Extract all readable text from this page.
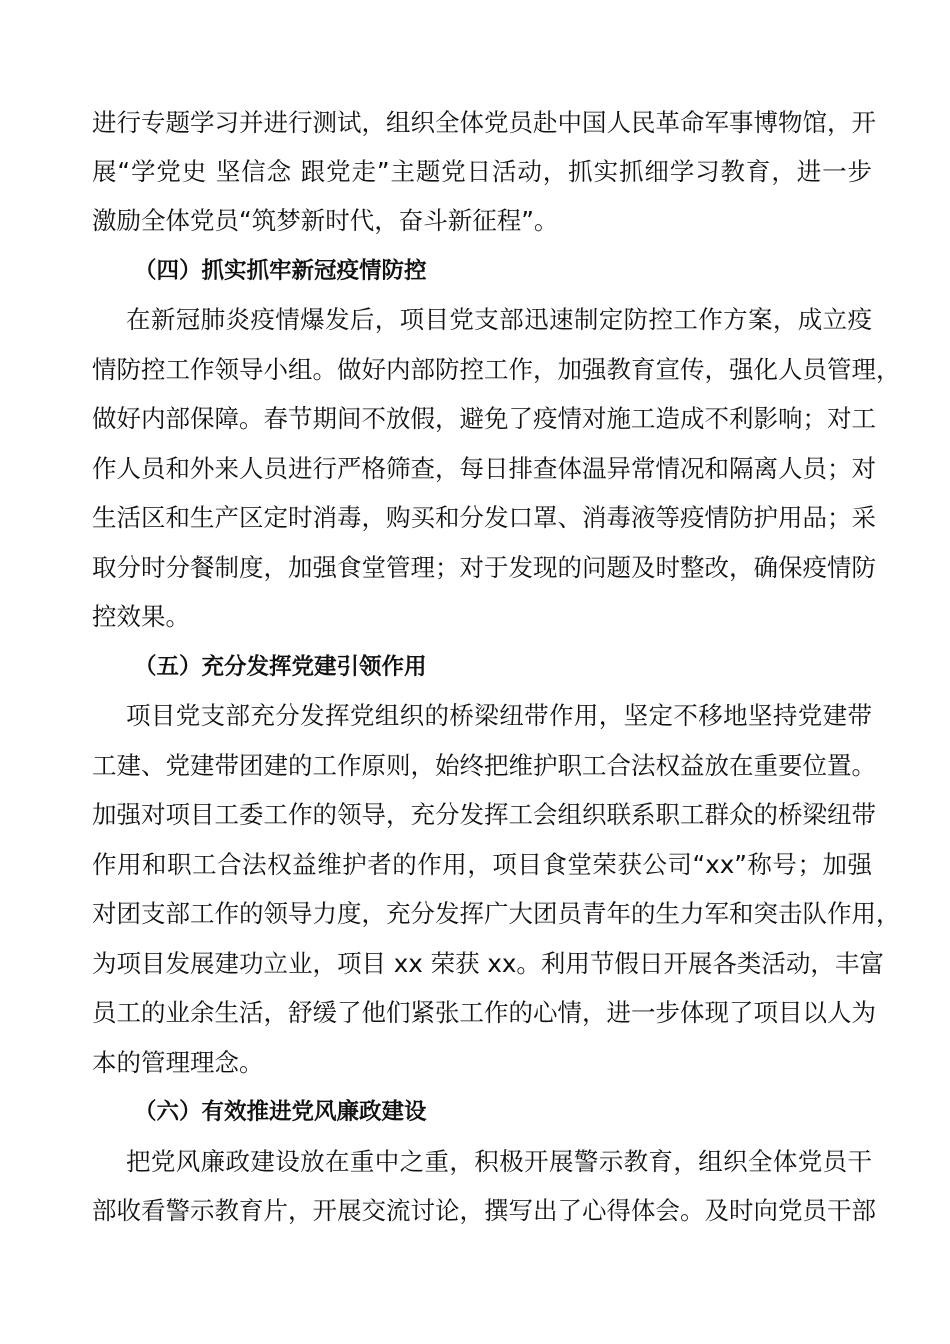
进行专题学习并进行测试，组织全体党员赴中国人民革命军事博物馆，开
展“学党史 坚信念 跟党走”主题党日活动，抓实抓细学习教育，进一步
激励全体党员“筑梦新时代，奋斗新征程”。
（四）抓实抓牢新冠疫情防控
在新冠肺炎疫情爆发后，项目党支部迅速制定防控工作方案，成立疫
情防控工作领导小组。做好内部防控工作，加强教育宣传，强化人员管理，
做好内部保障。春节期间不放假，避免了疫情对施工造成不利影响；对工
作人员和外来人员进行严格筛查，每日排查体温异常情况和隔离人员；对
生活区和生产区定时消毒，购买和分发口罩、消毒液等疫情防护用品；采
取分时分餐制度，加强食堂管理；对于发现的问题及时整改，确保疫情防
控效果。
（五）充分发挥党建引领作用
项目党支部充分发挥党组织的桥梁纽带作用，坚定不移地坚持党建带
工建、党建带团建的工作原则，始终把维护职工合法权益放在重要位置。
加强对项目工委工作的领导，充分发挥工会组织联系职工群众的桥梁纽带
作用和职工合法权益维护者的作用，项目食堂荣获公司“xx”称号；加强
对团支部工作的领导力度，充分发挥广大团员青年的生力军和突击队作用，
为项目发展建功立业，项目 xx 荣获 xx。利用节假日开展各类活动，丰富
员工的业余生活，舒缓了他们紧张工作的心情，进一步体现了项目以人为
本的管理理念。
（六）有效推进党风廉政建设
把党风廉政建设放在重中之重，积极开展警示教育，组织全体党员干
部收看警示教育片，开展交流讨论，撰写出了心得体会。及时向党员干部
